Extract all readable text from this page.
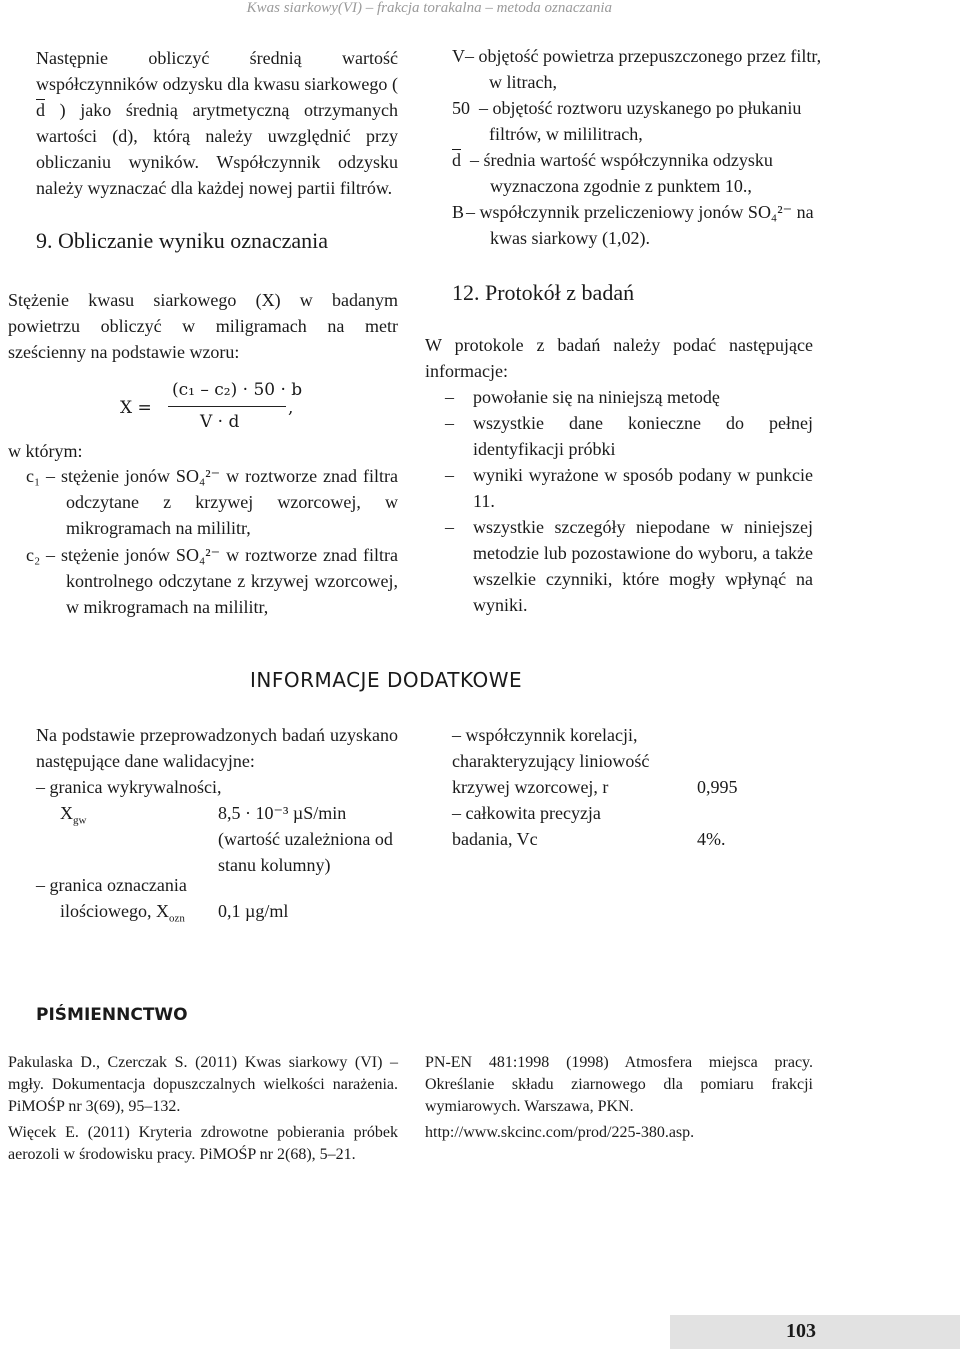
Kwas siarkowy(VI) – frakcja torakalna – metoda oznaczania
Następnie obliczyć średnią wartość współczynników odzysku dla kwasu siarkowego ( $\overline{d}$ ) jako średnią arytmetyczną otrzymanych wartości (d), którą należy uwzględnić przy obliczaniu wyników. Współczynnik odzysku należy wyznaczać dla każdej nowej partii filtrów.
9. Obliczanie wyniku oznaczania
Stężenie kwasu siarkowego (X) w badanym powietrzu obliczyć w miligramach na metr sześcienny na podstawie wzoru:
X =
(c₁ – c₂) · 50 · b
V · d
,
w którym:
c₁ – stężenie jonów SO₄²⁻ w roztworze znad filtra odczytane z krzywej wzorcowej, w mikrogramach na mililitr,
c₂ – stężenie jonów SO₄²⁻ w roztworze znad filtra kontrolnego odczytane z krzywej wzorcowej, w mikrogramach na mililitr,
V – objętość powietrza przepuszczonego przez filtr, w litrach,
50 – objętość roztworu uzyskanego po płukaniu filtrów, w mililitrach,
$\overline{d}$ – średnia wartość współczynnika odzysku wyznaczona zgodnie z punktem 10.,
B – współczynnik przeliczeniowy jonów SO₄²⁻ na kwas siarkowy (1,02).
12. Protokół z badań
W protokole z badań należy podać następujące informacje:
– powołanie się na niniejszą metodę
– wszystkie dane konieczne do pełnej identyfikacji próbki
– wyniki wyrażone w sposób podany w punkcie 11.
– wszystkie szczegóły niepodane w niniejszej metodzie lub pozostawione do wyboru, a także wszelkie czynniki, które mogły wpłynąć na wyniki.
INFORMACJE DODATKOWE
Na podstawie przeprowadzonych badań uzyskano następujące dane walidacyjne:
– granica wykrywalności,
$X_{gw}$	8,5 · 10⁻³ µS/min (wartość uzależniona od stanu kolumny)
– granica oznaczania
ilościowego, $X_{ozn}$ 0,1 µg/ml
– współczynnik korelacji, charakteryzujący liniowość krzywej wzorcowej, r	0,995
– całkowita precyzja badania, Vc	4%.
PIŚMIENNCTWO
Pakulaska D., Czerczak S. (2011) Kwas siarkowy (VI) – mgły. Dokumentacja dopuszczalnych wielkości narażenia. PiMOŚP nr 3(69), 95–132.
Więcek E. (2011) Kryteria zdrowotne pobierania próbek aerozoli w środowisku pracy. PiMOŚP nr 2(68), 5–21.
PN-EN 481:1998 (1998) Atmosfera miejsca pracy. Określanie składu ziarnowego dla pomiaru frakcji wymiarowych. Warszawa, PKN.
http://www.skcinc.com/prod/225-380.asp.
103
